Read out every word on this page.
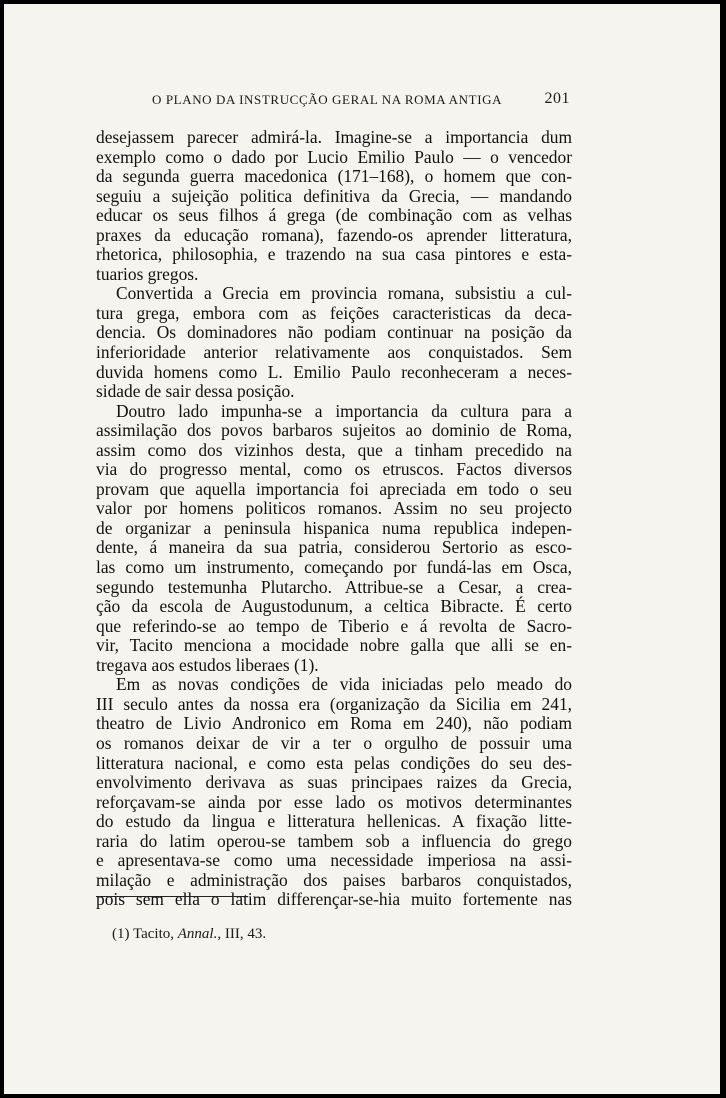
O PLANO DA INSTRUCÇÃO GERAL NA ROMA ANTIGA	201

desejassem parecer admirá-la. Imagine-se a importancia dum
exemplo como o dado por Lucio Emilio Paulo — o vencedor
da segunda guerra macedonica (171–168), o homem que con-
seguiu a sujeição politica definitiva da Grecia, — mandando
educar os seus filhos á grega (de combinação com as velhas
praxes da educação romana), fazendo-os aprender litteratura,
rhetorica, philosophia, e trazendo na sua casa pintores e esta-
tuarios gregos.

Convertida a Grecia em provincia romana, subsistiu a cul-
tura grega, embora com as feições caracteristicas da deca-
dencia. Os dominadores não podiam continuar na posição da
inferioridade anterior relativamente aos conquistados. Sem
duvida homens como L. Emilio Paulo reconheceram a neces-
sidade de sair dessa posição.

Doutro lado impunha-se a importancia da cultura para a
assimilação dos povos barbaros sujeitos ao dominio de Roma,
assim como dos vizinhos desta, que a tinham precedido na
via do progresso mental, como os etruscos. Factos diversos
provam que aquella importancia foi apreciada em todo o seu
valor por homens politicos romanos. Assim no seu projecto
de organizar a peninsula hispanica numa republica indepen-
dente, á maneira da sua patria, considerou Sertorio as esco-
las como um instrumento, começando por fundá-las em Osca,
segundo testemunha Plutarcho. Attribue-se a Cesar, a crea-
ção da escola de Augustodunum, a celtica Bibracte. É certo
que referindo-se ao tempo de Tiberio e á revolta de Sacro-
vir, Tacito menciona a mocidade nobre galla que alli se en-
tregava aos estudos liberaes (1).

Em as novas condições de vida iniciadas pelo meado do
III seculo antes da nossa era (organização da Sicilia em 241,
theatro de Livio Andronico em Roma em 240), não podiam
os romanos deixar de vir a ter o orgulho de possuir uma
litteratura nacional, e como esta pelas condições do seu des-
envolvimento derivava as suas principaes raizes da Grecia,
reforçavam-se ainda por esse lado os motivos determinantes
do estudo da lingua e litteratura hellenicas. A fixação litte-
raria do latim operou-se tambem sob a influencia do grego
e apresentava-se como uma necessidade imperiosa na assi-
milação e administração dos paises barbaros conquistados,
pois sem ella o latim differençar-se-hia muito fortemente nas

(1) Tacito, Annal., III, 43.
